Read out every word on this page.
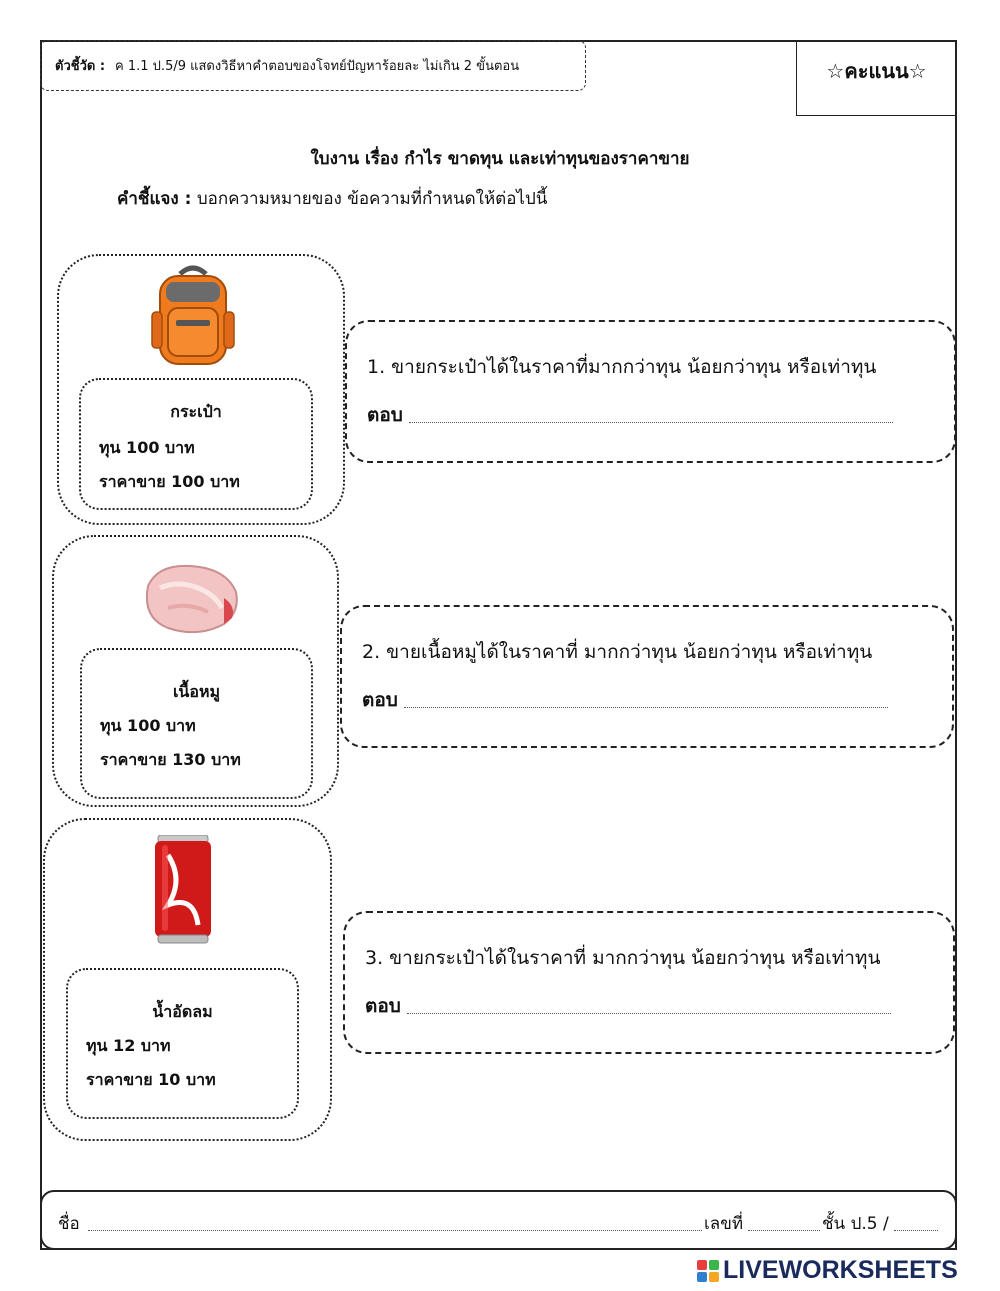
ตัวชี้วัด : ค 1.1 ป.5/9 แสดงวิธีหาคำตอบของโจทย์ปัญหาร้อยละ ไม่เกิน 2 ขั้นตอน	☆คะแนน☆
ใบงาน เรื่อง กำไร ขาดทุน และเท่าทุนของราคาขาย
คำชี้แจง : บอกความหมายของ ข้อความที่กำหนดให้ต่อไปนี้
กระเป๋า
ทุน 100 บาท
ราคาขาย 100 บาท
1. ขายกระเป๋าได้ในราคาที่มากกว่าทุน น้อยกว่าทุน หรือเท่าทุน
ตอบ
เนื้อหมู
ทุน 100 บาท
ราคาขาย 130 บาท
2. ขายเนื้อหมูได้ในราคาที่ มากกว่าทุน น้อยกว่าทุน หรือเท่าทุน
ตอบ
น้ำอัดลม
ทุน 12 บาท
ราคาขาย 10 บาท
3. ขายกระเป๋าได้ในราคาที่ มากกว่าทุน น้อยกว่าทุน หรือเท่าทุน
ตอบ
ชื่อ	เลขที่	ชั้น ป.5 /
LIVEWORKSHEETS
